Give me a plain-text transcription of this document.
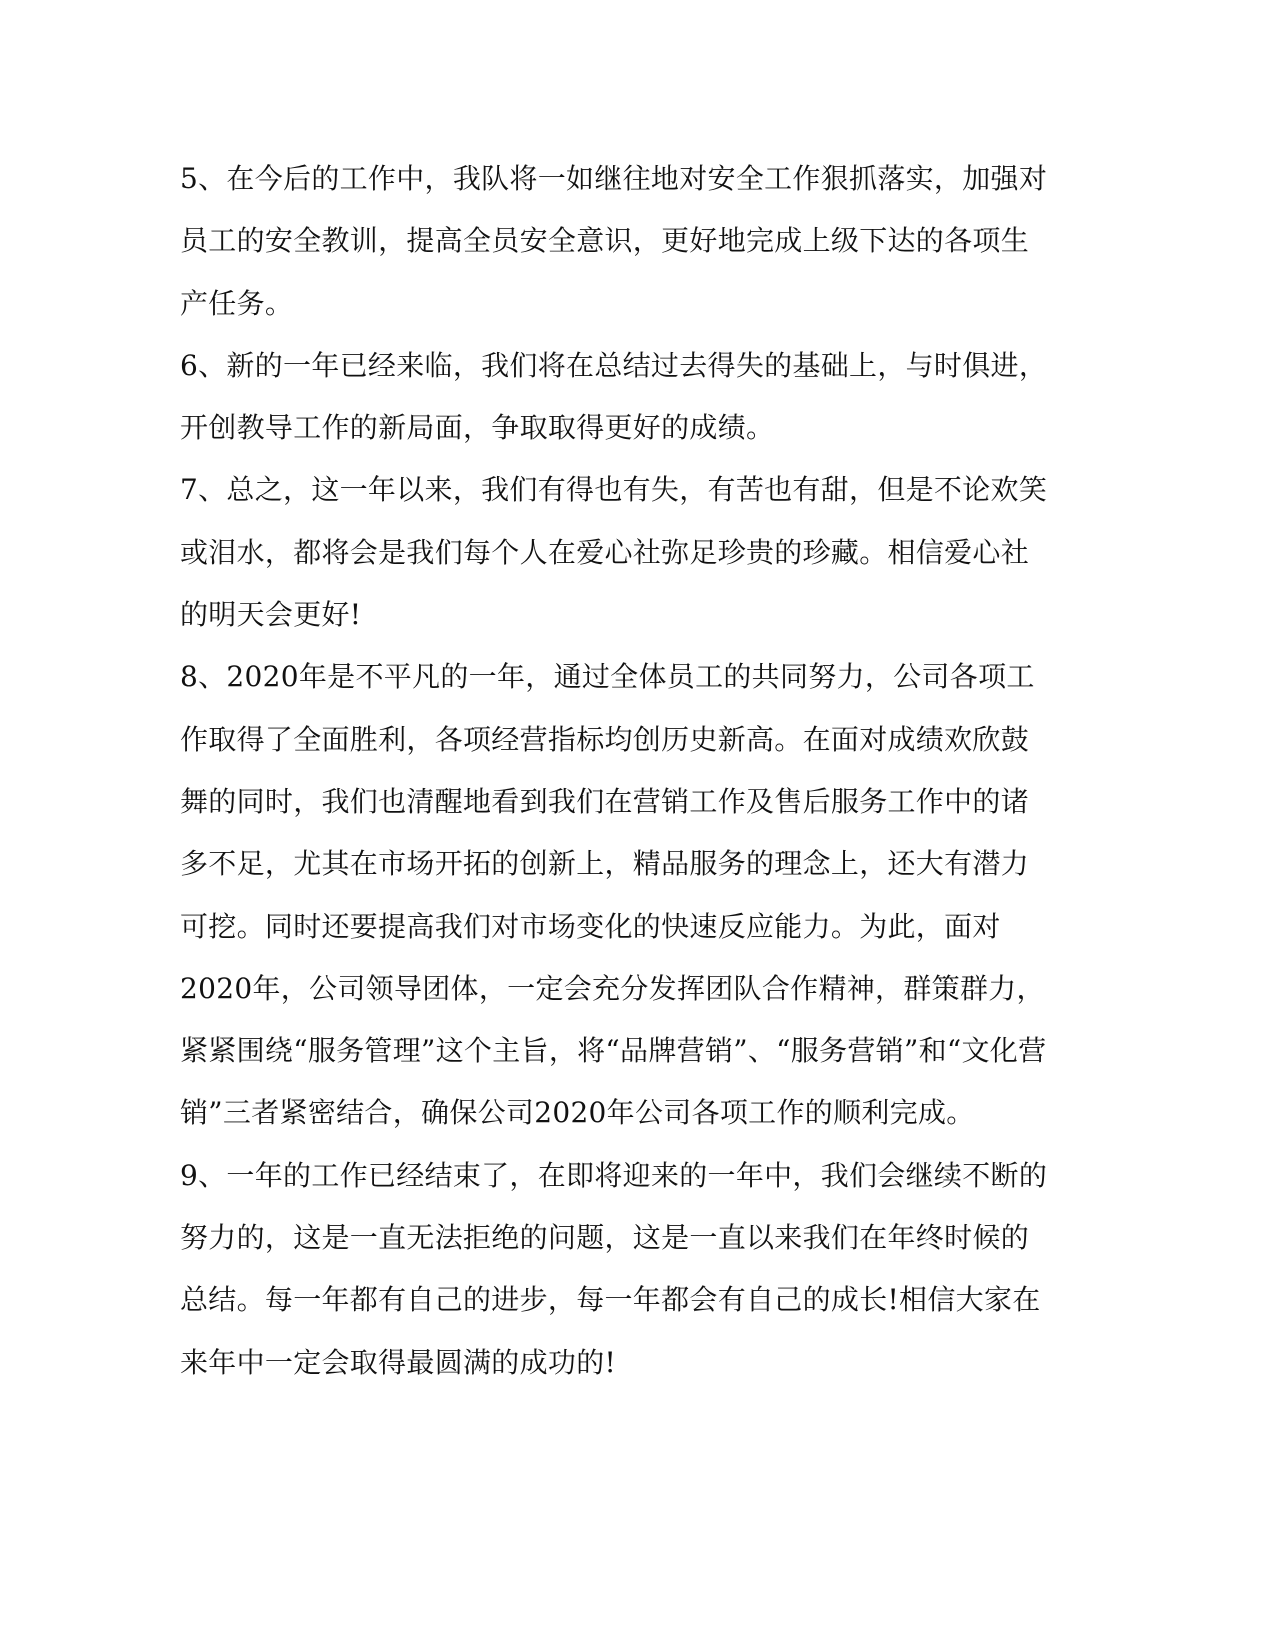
5、在今后的工作中，我队将一如继往地对安全工作狠抓落实，加强对员工的安全教训，提高全员安全意识，更好地完成上级下达的各项生产任务。

6、新的一年已经来临，我们将在总结过去得失的基础上，与时俱进，开创教导工作的新局面，争取取得更好的成绩。

7、总之，这一年以来，我们有得也有失，有苦也有甜，但是不论欢笑或泪水，都将会是我们每个人在爱心社弥足珍贵的珍藏。相信爱心社的明天会更好!

8、2020年是不平凡的一年，通过全体员工的共同努力，公司各项工作取得了全面胜利，各项经营指标均创历史新高。在面对成绩欢欣鼓舞的同时，我们也清醒地看到我们在营销工作及售后服务工作中的诸多不足，尤其在市场开拓的创新上，精品服务的理念上，还大有潜力可挖。同时还要提高我们对市场变化的快速反应能力。为此，面对2020年，公司领导团体，一定会充分发挥团队合作精神，群策群力，紧紧围绕“服务管理”这个主旨，将“品牌营销”、“服务营销”和“文化营销”三者紧密结合，确保公司2020年公司各项工作的顺利完成。

9、一年的工作已经结束了，在即将迎来的一年中，我们会继续不断的努力的，这是一直无法拒绝的问题，这是一直以来我们在年终时候的总结。每一年都有自己的进步，每一年都会有自己的成长!相信大家在来年中一定会取得最圆满的成功的!
